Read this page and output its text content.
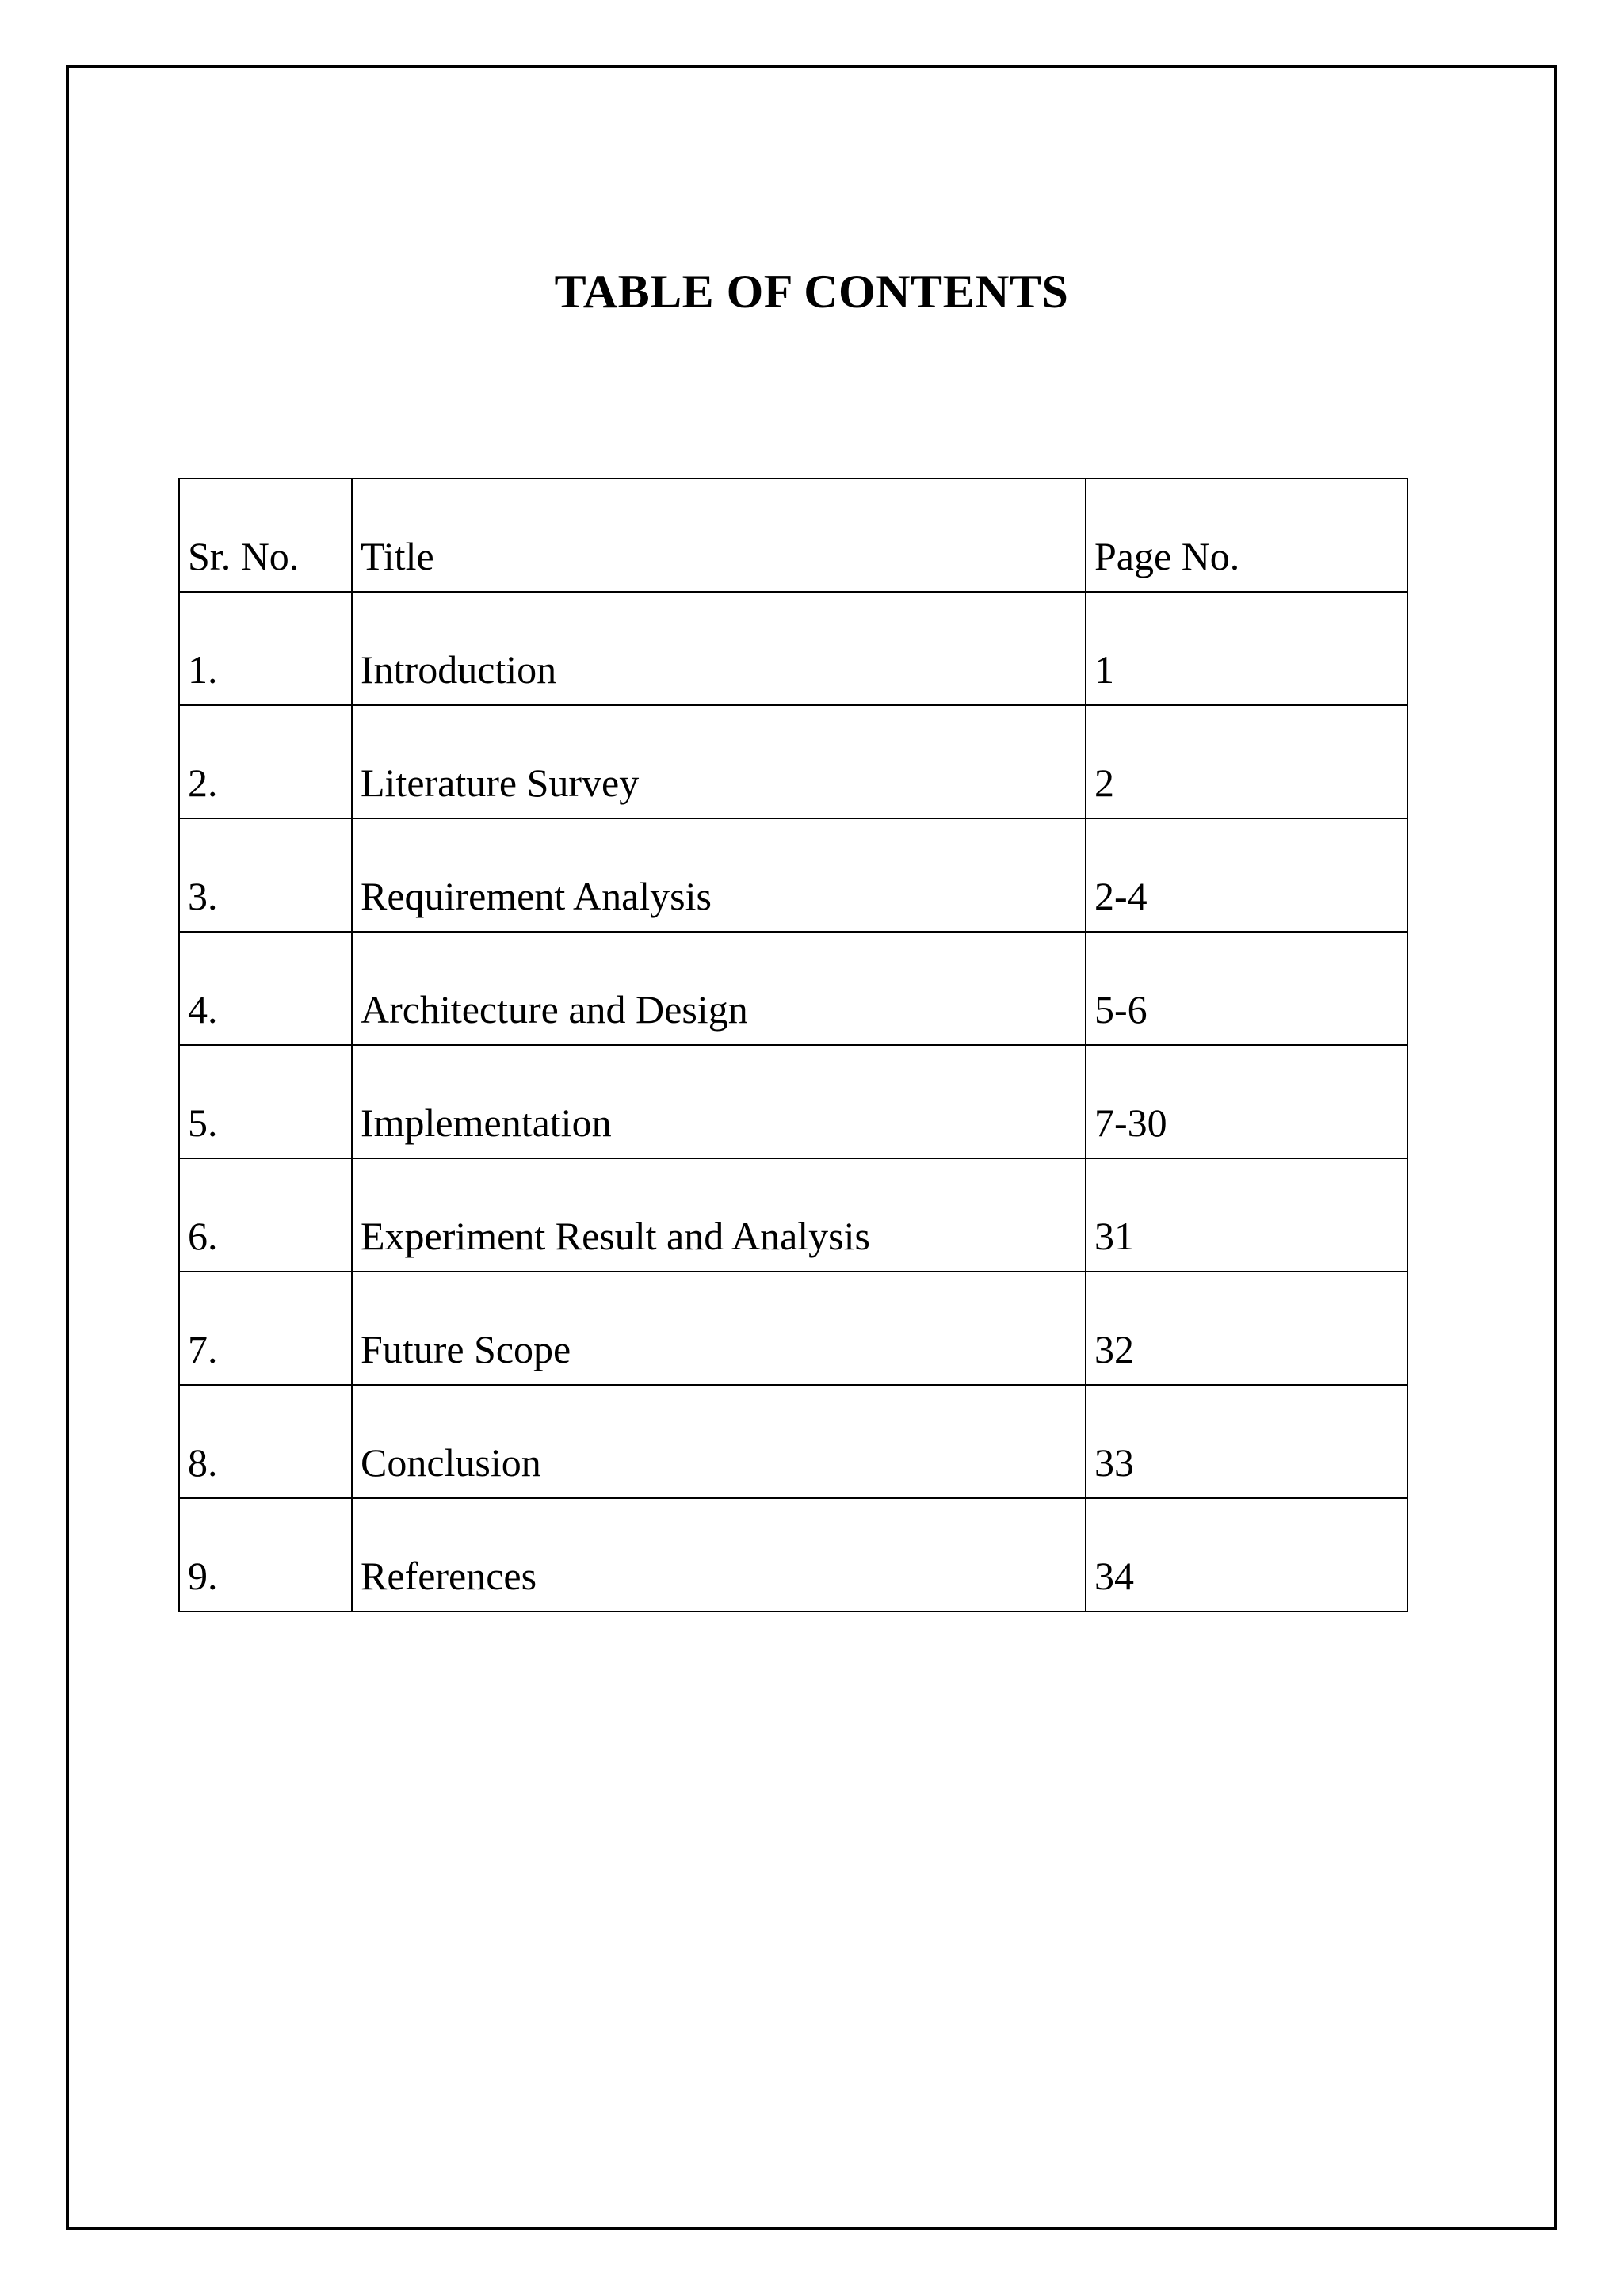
TABLE OF CONTENTS
Sr. No.	Title	Page No.
1.	Introduction	1
2.	Literature Survey	2
3.	Requirement Analysis	2-4
4.	Architecture and Design	5-6
5.	Implementation	7-30
6.	Experiment Result and Analysis	31
7.	Future Scope	32
8.	Conclusion	33
9.	References	34
